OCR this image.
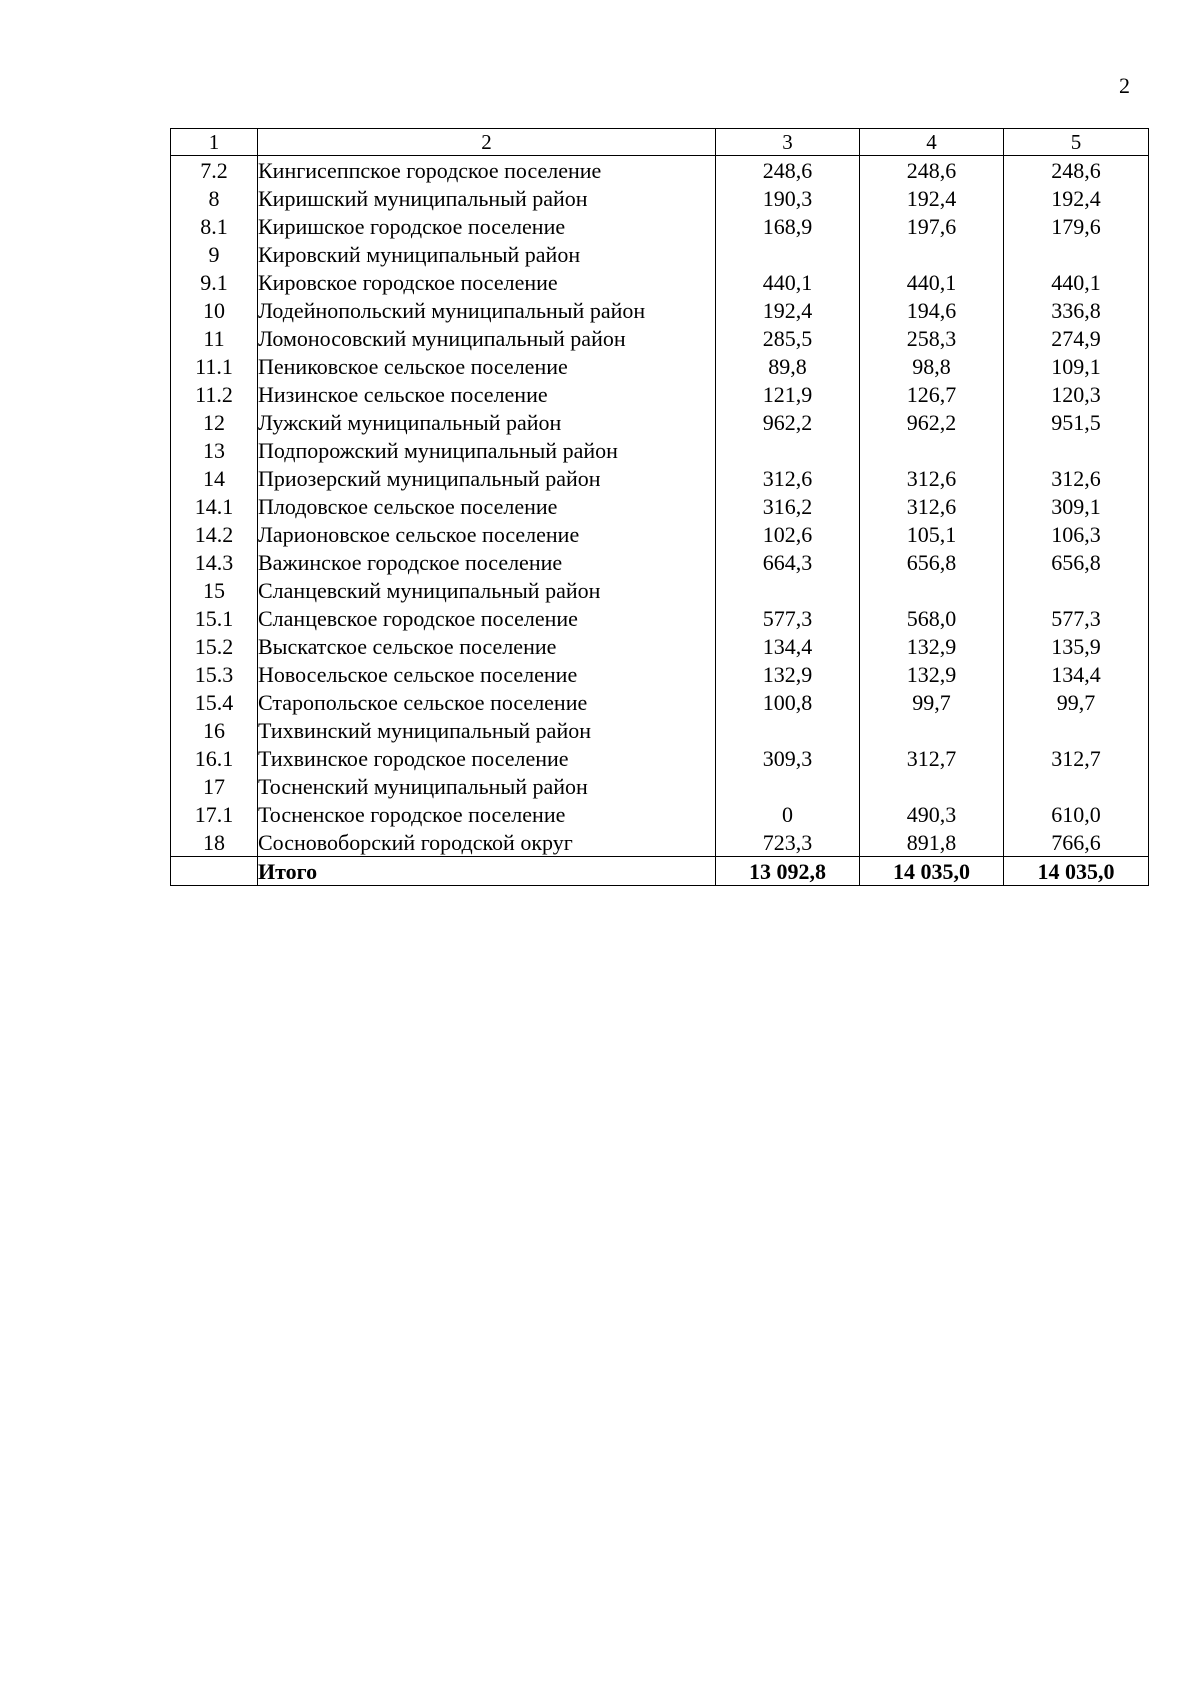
2
1	2	3	4	5
7.2	Кингисеппское городское поселение	248,6	248,6	248,6
8	Киришский муниципальный район	190,3	192,4	192,4
8.1	Киришское городское поселение	168,9	197,6	179,6
9	Кировский муниципальный район			
9.1	Кировское городское поселение	440,1	440,1	440,1
10	Лодейнопольский муниципальный район	192,4	194,6	336,8
11	Ломоносовский муниципальный район	285,5	258,3	274,9
11.1	Пениковское сельское поселение	89,8	98,8	109,1
11.2	Низинское сельское поселение	121,9	126,7	120,3
12	Лужский муниципальный район	962,2	962,2	951,5
13	Подпорожский муниципальный район			
14	Приозерский муниципальный район	312,6	312,6	312,6
14.1	Плодовское сельское поселение	316,2	312,6	309,1
14.2	Ларионовское сельское поселение	102,6	105,1	106,3
14.3	Важинское городское поселение	664,3	656,8	656,8
15	Сланцевский муниципальный район			
15.1	Сланцевское городское поселение	577,3	568,0	577,3
15.2	Выскатское сельское поселение	134,4	132,9	135,9
15.3	Новосельское сельское поселение	132,9	132,9	134,4
15.4	Старопольское сельское поселение	100,8	99,7	99,7
16	Тихвинский муниципальный район			
16.1	Тихвинское городское поселение	309,3	312,7	312,7
17	Тосненский муниципальный район			
17.1	Тосненское городское поселение	0	490,3	610,0
18	Сосновоборский городской округ	723,3	891,8	766,6
	Итого	13 092,8	14 035,0	14 035,0
